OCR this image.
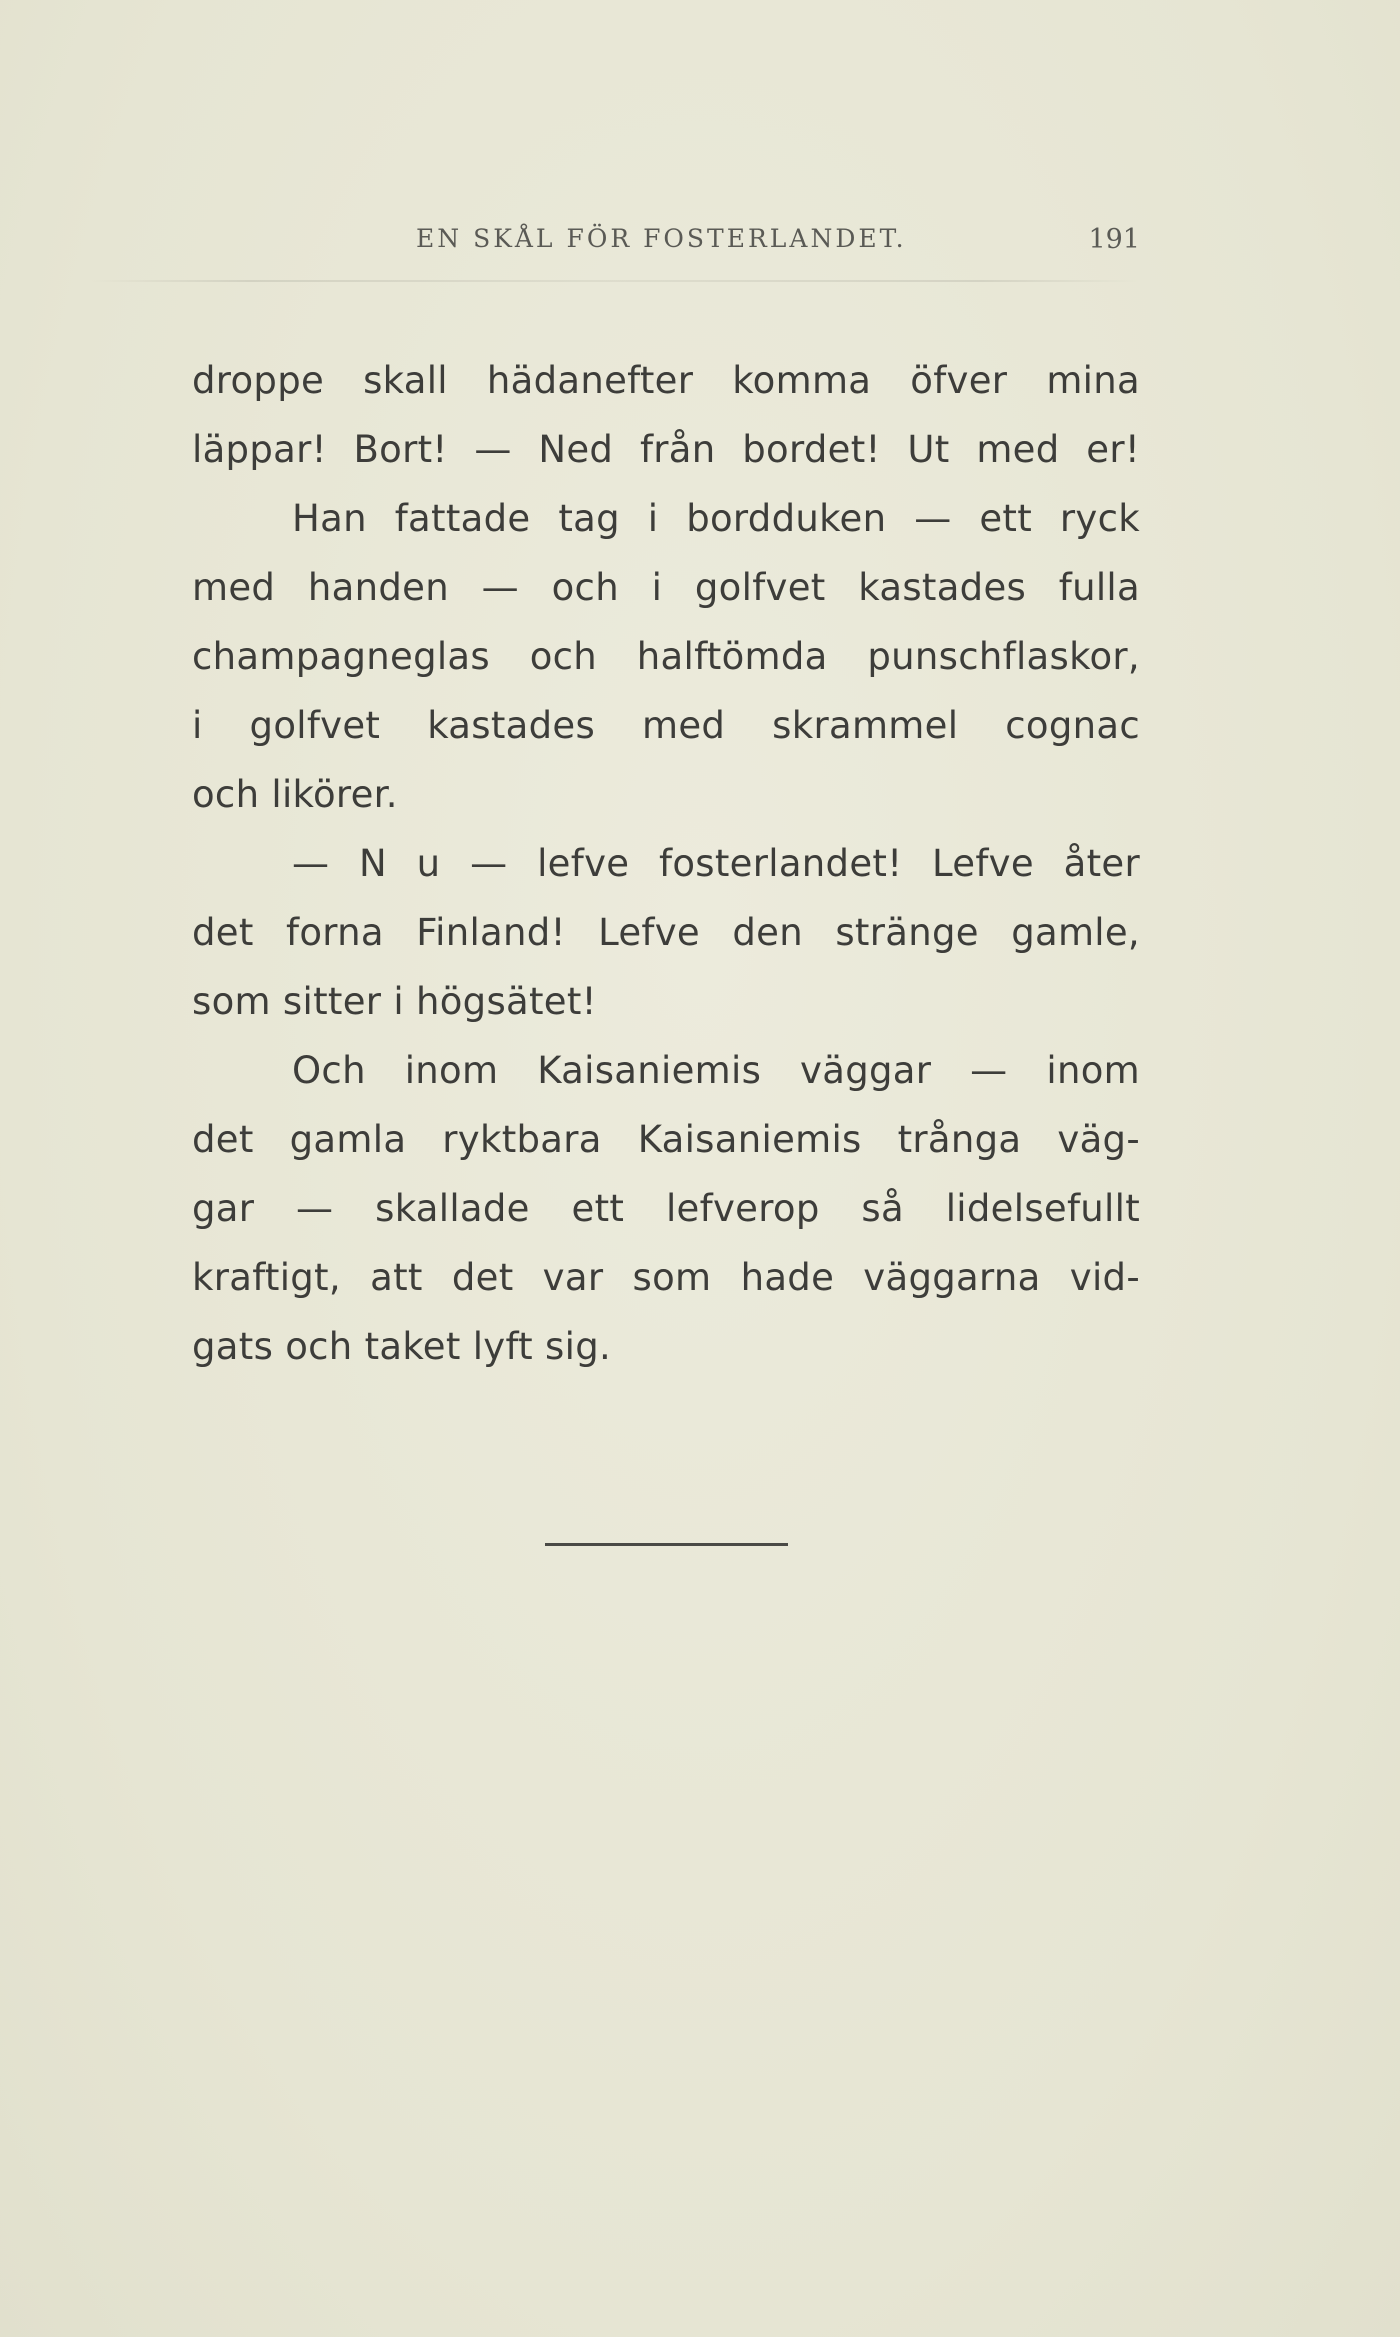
EN SKÅL FÖR FOSTERLANDET.	191
droppe skall hädanefter komma öfver mina
läppar! Bort! — Ned från bordet! Ut med er!
Han fattade tag i bordduken — ett ryck
med handen — och i golfvet kastades fulla
champagneglas och halftömda punschflaskor,
i golfvet kastades med skrammel cognac
och likörer.
— N u — lefve fosterlandet! Lefve åter
det forna Finland! Lefve den stränge gamle,
som sitter i högsätet!
Och inom Kaisaniemis väggar — inom
det gamla ryktbara Kaisaniemis trånga väg-
gar — skallade ett lefverop så lidelsefullt
kraftigt, att det var som hade väggarna vid-
gats och taket lyft sig.
